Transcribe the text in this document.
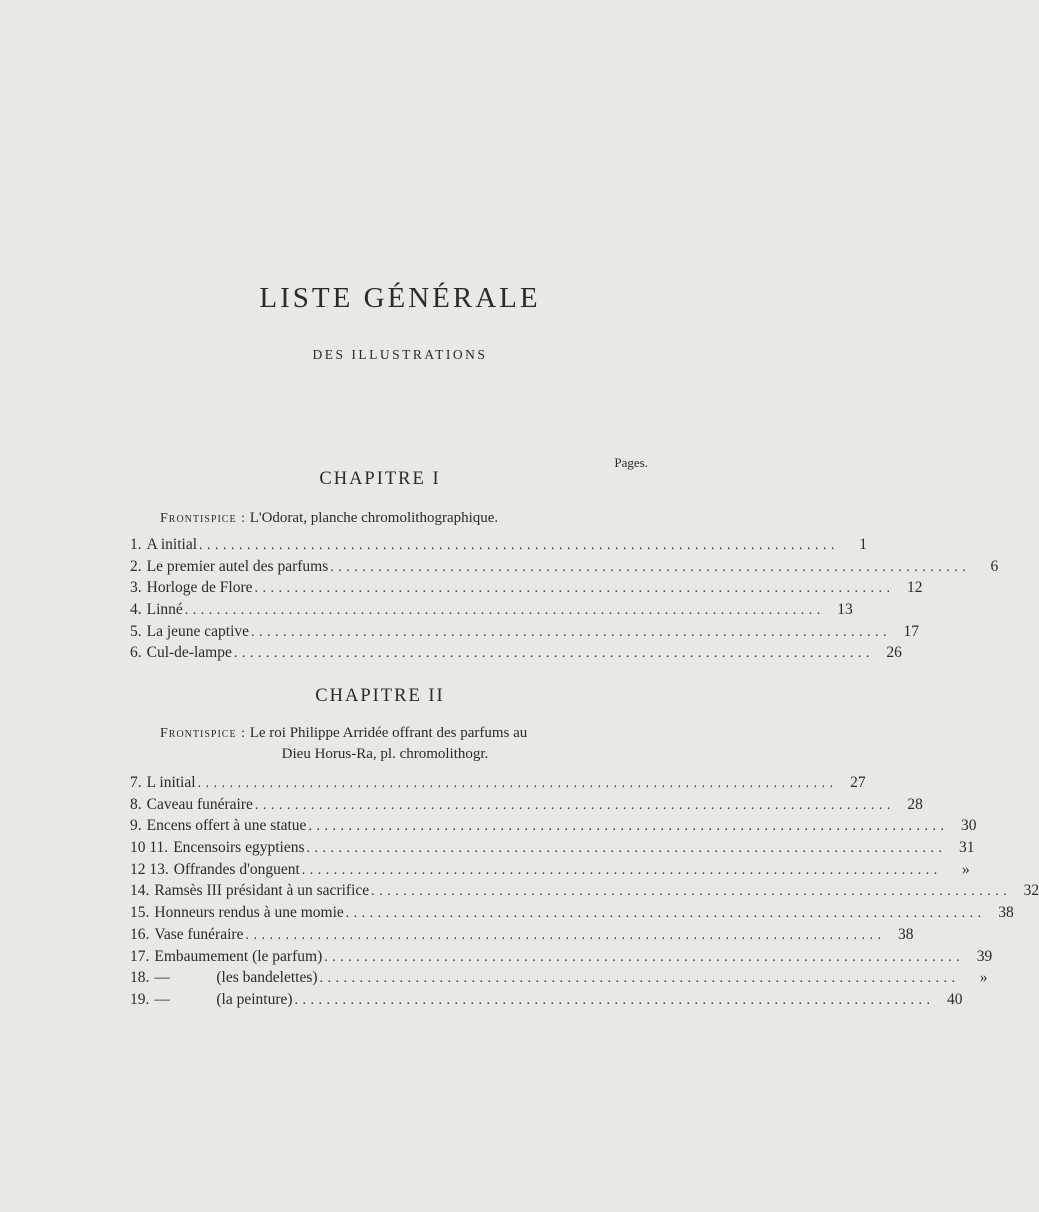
LISTE GÉNÉRALE
DES ILLUSTRATIONS
Pages.
CHAPITRE I
Frontispice : L'Odorat, planche chromolithographique.
1. A initial ................................................................................	1
2. Le premier autel des parfums ................................................................................	6
3. Horloge de Flore ................................................................................ 12
4. Linné ................................................................................ 13
5. La jeune captive ................................................................................ 17
6. Cul-de-lampe ................................................................................ 26
CHAPITRE II
Frontispice : Le roi Philippe Arridée offrant des parfums au
Dieu Horus-Ra, pl. chromolithogr.
7. L initial ................................................................................ 27
8. Caveau funéraire ................................................................................ 28
9. Encens offert à une statue ................................................................................ 30
10 11. Encensoirs egyptiens ................................................................................ 31
12 13. Offrandes d'onguent ................................................................................	»
14. Ramsès III présidant à un sacrifice ................................................................................ 32
15. Honneurs rendus à une momie ................................................................................ 38
16. Vase funéraire ................................................................................ 38
17. Embaumement (le parfum) ................................................................................ 39
18. —            (les bandelettes) ................................................................................	»
19. —            (la peinture) ................................................................................ 40
